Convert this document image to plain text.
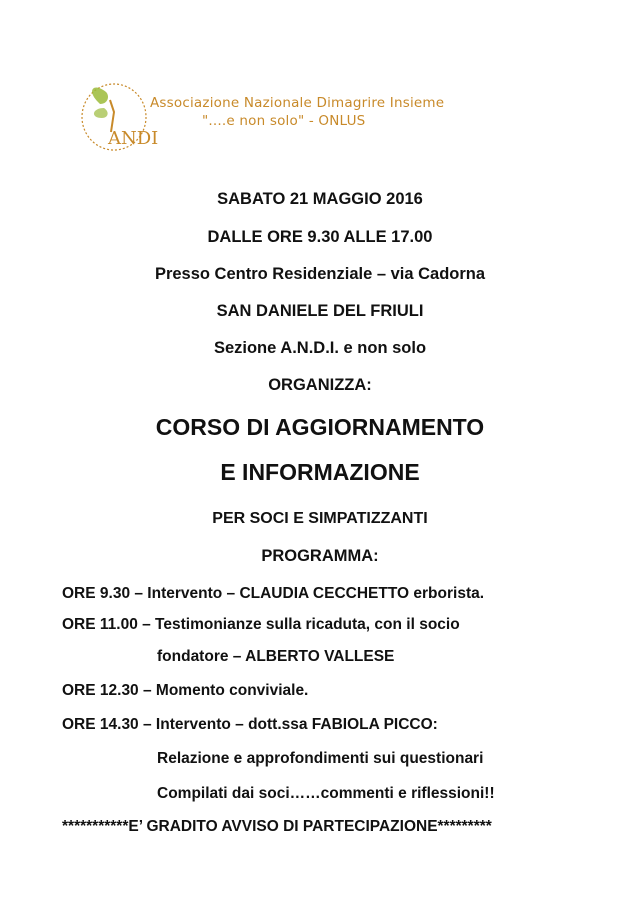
ANDI
Associazione Nazionale Dimagrire Insieme
"....e non solo" - ONLUS
SABATO 21 MAGGIO 2016
DALLE ORE 9.30 ALLE 17.00
Presso Centro Residenziale – via Cadorna
SAN DANIELE DEL FRIULI
Sezione A.N.D.I. e non solo
ORGANIZZA:
CORSO DI AGGIORNAMENTO
E INFORMAZIONE
PER SOCI E SIMPATIZZANTI
PROGRAMMA:
ORE 9.30 – Intervento – CLAUDIA CECCHETTO erborista.
ORE 11.00 – Testimonianze sulla ricaduta, con il socio
fondatore – ALBERTO VALLESE
ORE 12.30 – Momento conviviale.
ORE 14.30 – Intervento – dott.ssa FABIOLA PICCO:
Relazione e approfondimenti sui questionari
Compilati dai soci……commenti e riflessioni!!
***********E’ GRADITO AVVISO DI PARTECIPAZIONE*********
